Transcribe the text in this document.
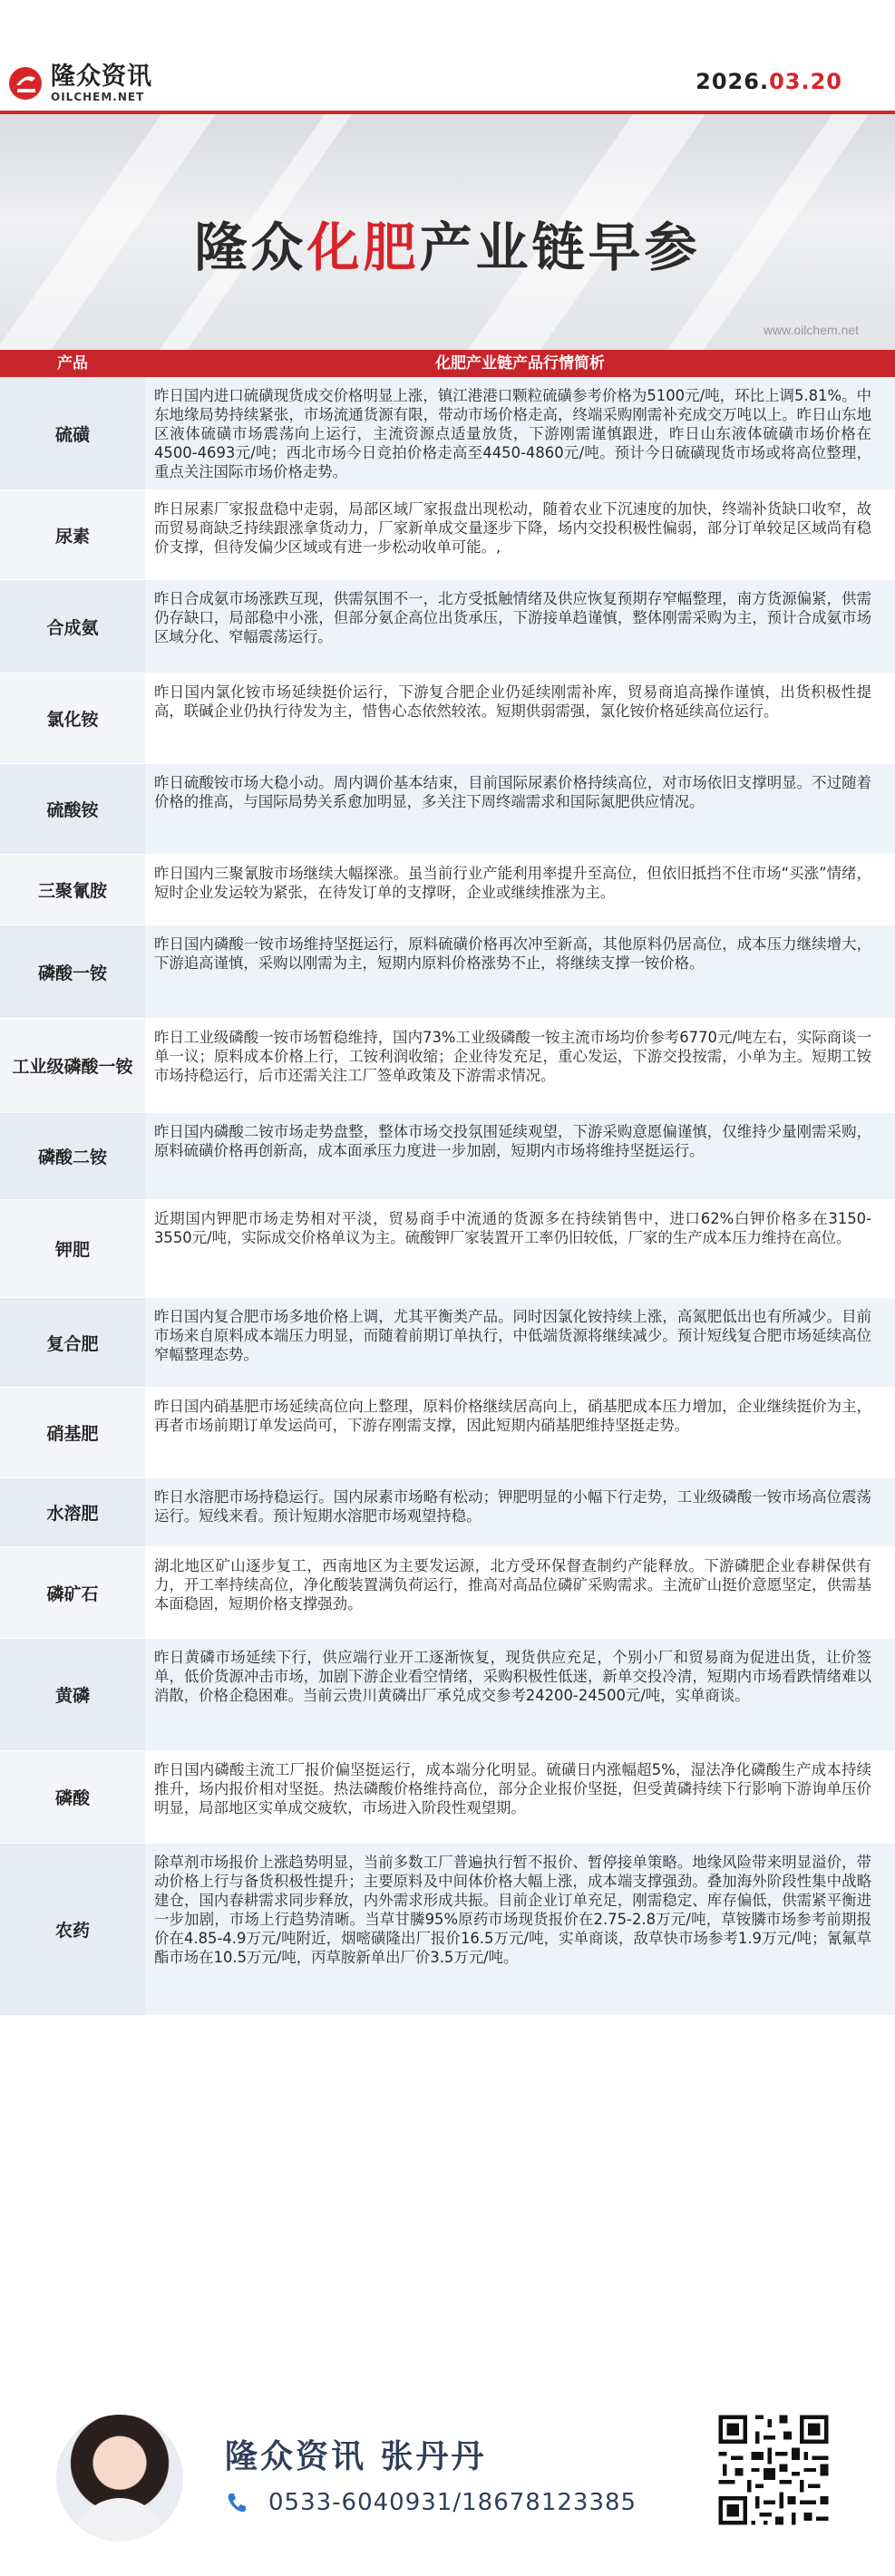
隆众资讯
OILCHEM.NET
2026.03.20
隆众化肥产业链早参
www.oilchem.net
产品	化肥产业链产品行情简析
硫磺
昨日国内进口硫磺现货成交价格明显上涨，镇江港港口颗粒硫磺参考价格为5100元/吨，环比上调5.81%。中东地缘局势持续紧张，市场流通货源有限，带动市场价格走高，终端采购刚需补充成交万吨以上。昨日山东地区液体硫磺市场震荡向上运行，主流资源点适量放货，下游刚需谨慎跟进，昨日山东液体硫磺市场价格在4500-4693元/吨；西北市场今日竞拍价格走高至4450-4860元/吨。预计今日硫磺现货市场或将高位整理，重点关注国际市场价格走势。
尿素
昨日尿素厂家报盘稳中走弱，局部区域厂家报盘出现松动，随着农业下沉速度的加快，终端补货缺口收窄，故而贸易商缺乏持续跟涨拿货动力，厂家新单成交量逐步下降，场内交投积极性偏弱，部分订单较足区域尚有稳价支撑，但待发偏少区域或有进一步松动收单可能。,
合成氨
昨日合成氨市场涨跌互现，供需氛围不一，北方受抵触情绪及供应恢复预期存窄幅整理，南方货源偏紧，供需仍存缺口，局部稳中小涨，但部分氨企高位出货承压，下游接单趋谨慎，整体刚需采购为主，预计合成氨市场区域分化、窄幅震荡运行。
氯化铵
昨日国内氯化铵市场延续挺价运行，下游复合肥企业仍延续刚需补库，贸易商追高操作谨慎，出货积极性提高，联碱企业仍执行待发为主，惜售心态依然较浓。短期供弱需强，氯化铵价格延续高位运行。
硫酸铵
昨日硫酸铵市场大稳小动。周内调价基本结束，目前国际尿素价格持续高位，对市场依旧支撑明显。不过随着价格的推高，与国际局势关系愈加明显，多关注下周终端需求和国际氮肥供应情况。
三聚氰胺
昨日国内三聚氰胺市场继续大幅探涨。虽当前行业产能利用率提升至高位，但依旧抵挡不住市场“买涨”情绪，短时企业发运较为紧张，在待发订单的支撑呀，企业或继续推涨为主。
磷酸一铵
昨日国内磷酸一铵市场维持坚挺运行，原料硫磺价格再次冲至新高，其他原料仍居高位，成本压力继续增大，下游追高谨慎，采购以刚需为主，短期内原料价格涨势不止，将继续支撑一铵价格。
工业级磷酸一铵
昨日工业级磷酸一铵市场暂稳维持，国内73%工业级磷酸一铵主流市场均价参考6770元/吨左右，实际商谈一单一议；原料成本价格上行，工铵利润收缩；企业待发充足，重心发运，下游交投按需，小单为主。短期工铵市场持稳运行，后市还需关注工厂签单政策及下游需求情况。
磷酸二铵
昨日国内磷酸二铵市场走势盘整，整体市场交投氛围延续观望，下游采购意愿偏谨慎，仅维持少量刚需采购，原料硫磺价格再创新高，成本面承压力度进一步加剧，短期内市场将维持坚挺运行。
钾肥
近期国内钾肥市场走势相对平淡，贸易商手中流通的货源多在持续销售中，进口62%白钾价格多在3150-3550元/吨，实际成交价格单议为主。硫酸钾厂家装置开工率仍旧较低，厂家的生产成本压力维持在高位。
复合肥
昨日国内复合肥市场多地价格上调，尤其平衡类产品。同时因氯化铵持续上涨，高氮肥低出也有所减少。目前市场来自原料成本端压力明显，而随着前期订单执行，中低端货源将继续减少。预计短线复合肥市场延续高位窄幅整理态势。
硝基肥
昨日国内硝基肥市场延续高位向上整理，原料价格继续居高向上，硝基肥成本压力增加，企业继续挺价为主，再者市场前期订单发运尚可，下游存刚需支撑，因此短期内硝基肥维持坚挺走势。
水溶肥
昨日水溶肥市场持稳运行。国内尿素市场略有松动；钾肥明显的小幅下行走势，工业级磷酸一铵市场高位震荡运行。短线来看。预计短期水溶肥市场观望持稳。
磷矿石
湖北地区矿山逐步复工，西南地区为主要发运源，北方受环保督查制约产能释放。下游磷肥企业春耕保供有力，开工率持续高位，净化酸装置满负荷运行，推高对高品位磷矿采购需求。主流矿山挺价意愿坚定，供需基本面稳固，短期价格支撑强劲。
黄磷
昨日黄磷市场延续下行，供应端行业开工逐渐恢复，现货供应充足，个别小厂和贸易商为促进出货，让价签单，低价货源冲击市场，加剧下游企业看空情绪，采购积极性低迷，新单交投冷清，短期内市场看跌情绪难以消散，价格企稳困难。当前云贵川黄磷出厂承兑成交参考24200-24500元/吨，实单商谈。
磷酸
昨日国内磷酸主流工厂报价偏坚挺运行，成本端分化明显。硫磺日内涨幅超5%，湿法净化磷酸生产成本持续推升，场内报价相对坚挺。热法磷酸价格维持高位，部分企业报价坚挺，但受黄磷持续下行影响下游询单压价明显，局部地区实单成交疲软，市场进入阶段性观望期。
农药
除草剂市场报价上涨趋势明显，当前多数工厂普遍执行暂不报价、暂停接单策略。地缘风险带来明显溢价，带动价格上行与备货积极性提升；主要原料及中间体价格大幅上涨，成本端支撑强劲。叠加海外阶段性集中战略建仓，国内春耕需求同步释放，内外需求形成共振。目前企业订单充足，刚需稳定、库存偏低，供需紧平衡进一步加剧，市场上行趋势清晰。当草甘膦95%原药市场现货报价在2.75-2.8万元/吨，草铵膦市场参考前期报价在4.85-4.9万元/吨附近，烟嘧磺隆出厂报价16.5万元/吨，实单商谈，敌草快市场参考1.9万元/吨；氰氟草酯市场在10.5万元/吨，丙草胺新单出厂价3.5万元/吨。
隆众资讯 张丹丹
0533-6040931/18678123385
